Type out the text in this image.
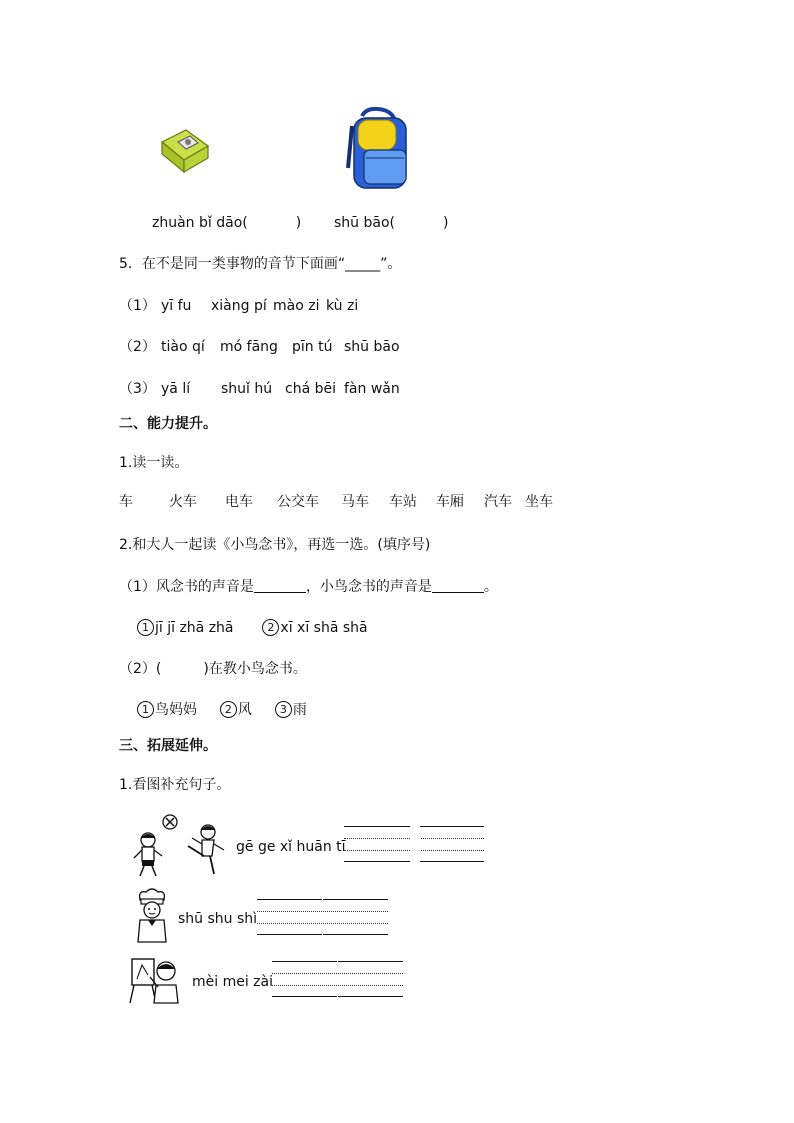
zhuàn bǐ dāo(	) shū bāo(	)
5．在不是同一类事物的音节下面画“_____”。
（1） yī fu xiàng pí mào zi kù zi
（2） tiào qí mó fāng pīn tú shū bāo
（3） yā lí shuǐ hú chá bēi fàn wǎn
二、能力提升。
1.读一读。
车	火车 电车 公交车 马车 车站 车厢 汽车 坐车
2.和大人一起读《小鸟念书》，再选一选。(填序号)
（1）风念书的声音是	，小鸟念书的声音是	。
1 jī jī zhā zhā	2 xī xī shā shā
（2）(　　　)在教小鸟念书。
1 鸟妈妈	2 风	3 雨
三、拓展延伸。
1.看图补充句子。
gē ge xǐ huān tī
shū shu shì
mèi mei zài
